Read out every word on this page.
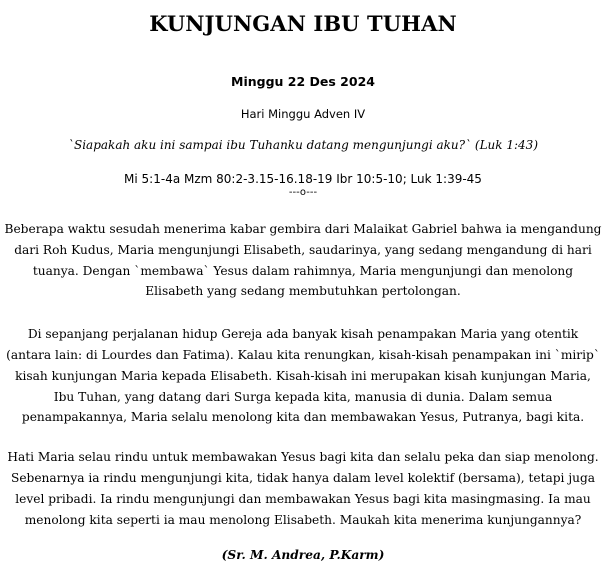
KUNJUNGAN IBU TUHAN
Minggu 22 Des 2024
Hari Minggu Adven IV
`Siapakah aku ini sampai ibu Tuhanku datang mengunjungi aku?` (Luk 1:43)
Mi 5:1-4a Mzm 80:2-3.15-16.18-19 Ibr 10:5-10; Luk 1:39-45
---o---

Beberapa waktu sesudah menerima kabar gembira dari Malaikat Gabriel bahwa ia mengandung dari Roh Kudus, Maria mengunjungi Elisabeth, saudarinya, yang sedang mengandung di hari tuanya. Dengan `membawa` Yesus dalam rahimnya, Maria mengunjungi dan menolong Elisabeth yang sedang membutuhkan pertolongan.

Di sepanjang perjalanan hidup Gereja ada banyak kisah penampakan Maria yang otentik (antara lain: di Lourdes dan Fatima). Kalau kita renungkan, kisah-kisah penampakan ini `mirip` kisah kunjungan Maria kepada Elisabeth. Kisah-kisah ini merupakan kisah kunjungan Maria, Ibu Tuhan, yang datang dari Surga kepada kita, manusia di dunia. Dalam semua penampakannya, Maria selalu menolong kita dan membawakan Yesus, Putranya, bagi kita.

Hati Maria selau rindu untuk membawakan Yesus bagi kita dan selalu peka dan siap menolong. Sebenarnya ia rindu mengunjungi kita, tidak hanya dalam level kolektif (bersama), tetapi juga level pribadi. Ia rindu mengunjungi dan membawakan Yesus bagi kita masingmasing. Ia mau menolong kita seperti ia mau menolong Elisabeth. Maukah kita menerima kunjungannya?

(Sr. M. Andrea, P.Karm)
